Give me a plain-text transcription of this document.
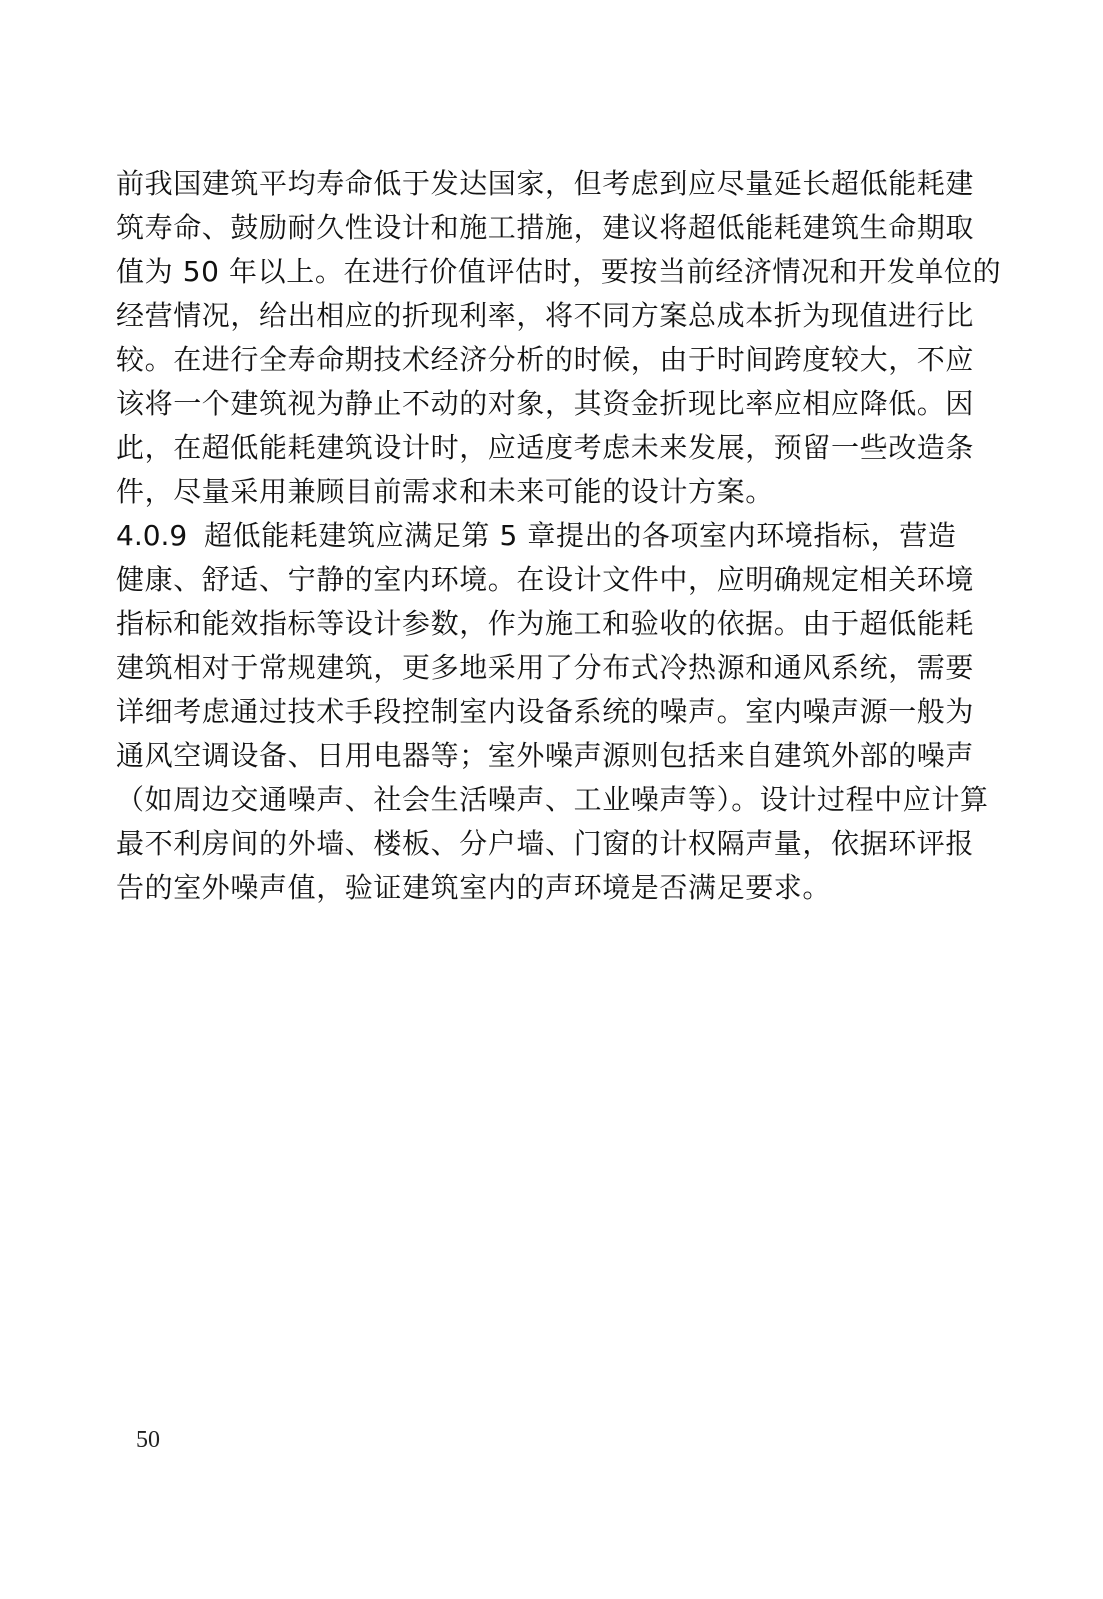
前我国建筑平均寿命低于发达国家，但考虑到应尽量延长超低能耗建
筑寿命、鼓励耐久性设计和施工措施，建议将超低能耗建筑生命期取
值为 50 年以上。在进行价值评估时，要按当前经济情况和开发单位的
经营情况，给出相应的折现利率，将不同方案总成本折为现值进行比
较。在进行全寿命期技术经济分析的时候，由于时间跨度较大，不应
该将一个建筑视为静止不动的对象，其资金折现比率应相应降低。因
此，在超低能耗建筑设计时，应适度考虑未来发展，预留一些改造条
件，尽量采用兼顾目前需求和未来可能的设计方案。
4.0.9 超低能耗建筑应满足第 5 章提出的各项室内环境指标，营造
健康、舒适、宁静的室内环境。在设计文件中，应明确规定相关环境
指标和能效指标等设计参数，作为施工和验收的依据。由于超低能耗
建筑相对于常规建筑，更多地采用了分布式冷热源和通风系统，需要
详细考虑通过技术手段控制室内设备系统的噪声。室内噪声源一般为
通风空调设备、日用电器等；室外噪声源则包括来自建筑外部的噪声
（如周边交通噪声、社会生活噪声、工业噪声等）。设计过程中应计算
最不利房间的外墙、楼板、分户墙、门窗的计权隔声量，依据环评报
告的室外噪声值，验证建筑室内的声环境是否满足要求。
50
